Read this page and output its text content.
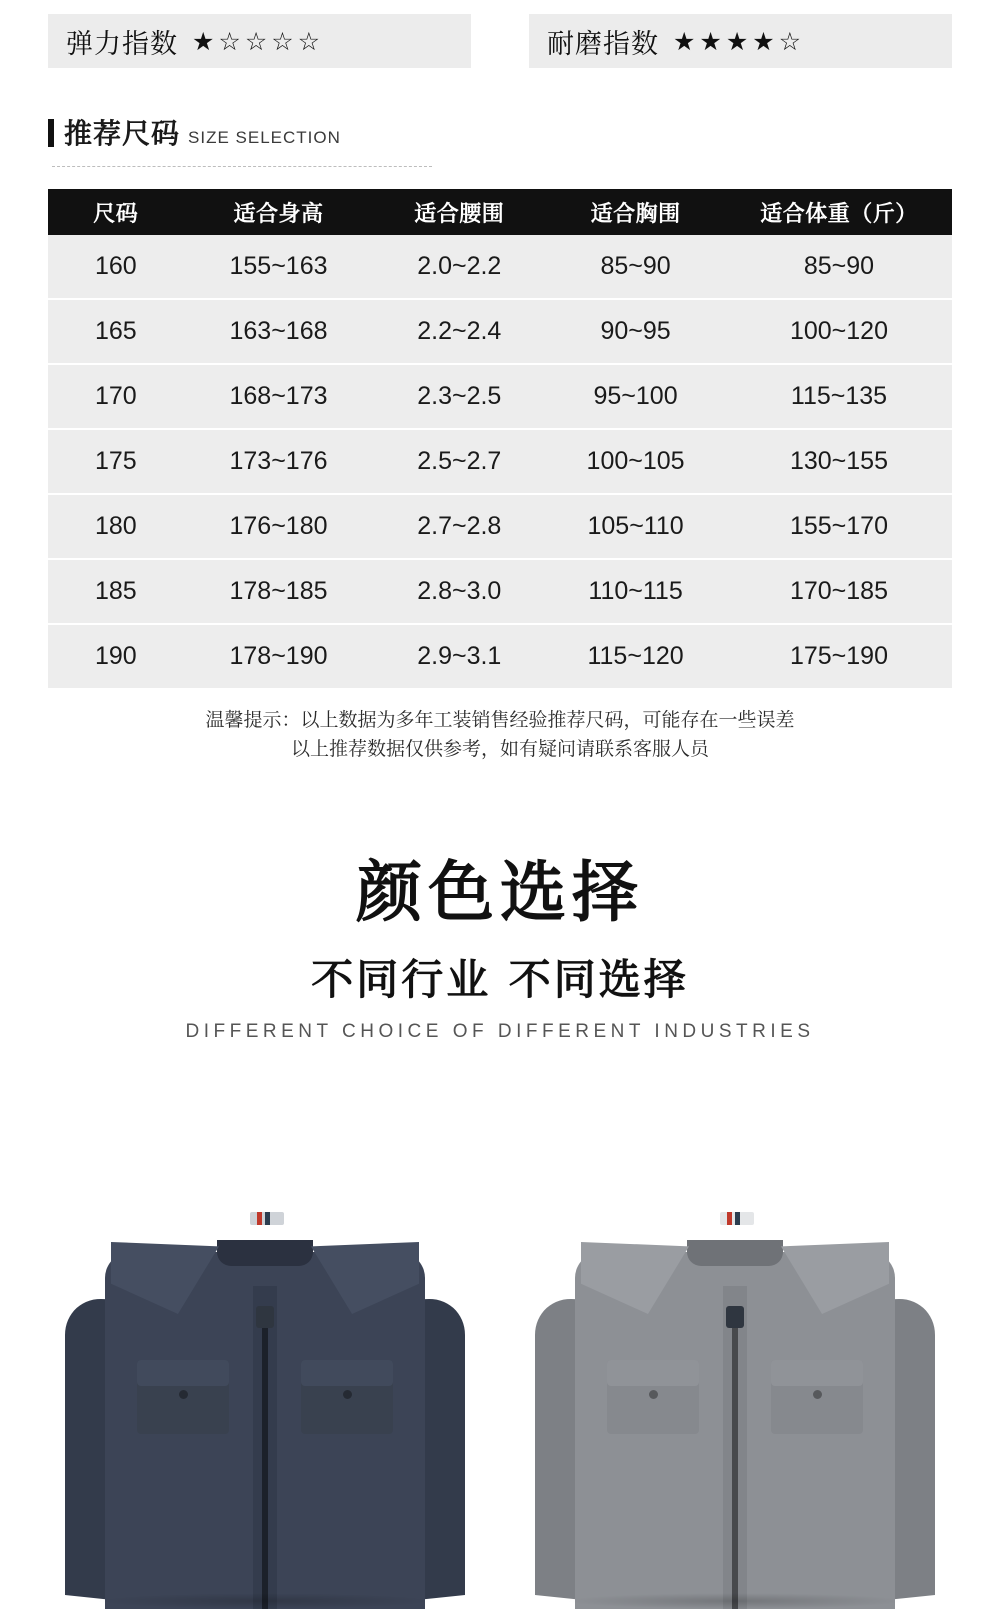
弹力指数 ★☆☆☆☆	耐磨指数 ★★★★☆
推荐尺码 SIZE SELECTION
尺码	适合身高	适合腰围	适合胸围	适合体重（斤）
160	155~163	2.0~2.2	85~90	85~90
165	163~168	2.2~2.4	90~95	100~120
170	168~173	2.3~2.5	95~100	115~135
175	173~176	2.5~2.7	100~105	130~155
180	176~180	2.7~2.8	105~110	155~170
185	178~185	2.8~3.0	110~115	170~185
190	178~190	2.9~3.1	115~120	175~190
温馨提示：以上数据为多年工装销售经验推荐尺码，可能存在一些误差
以上推荐数据仅供参考，如有疑问请联系客服人员
颜色选择
不同行业 不同选择
DIFFERENT CHOICE OF DIFFERENT INDUSTRIES
